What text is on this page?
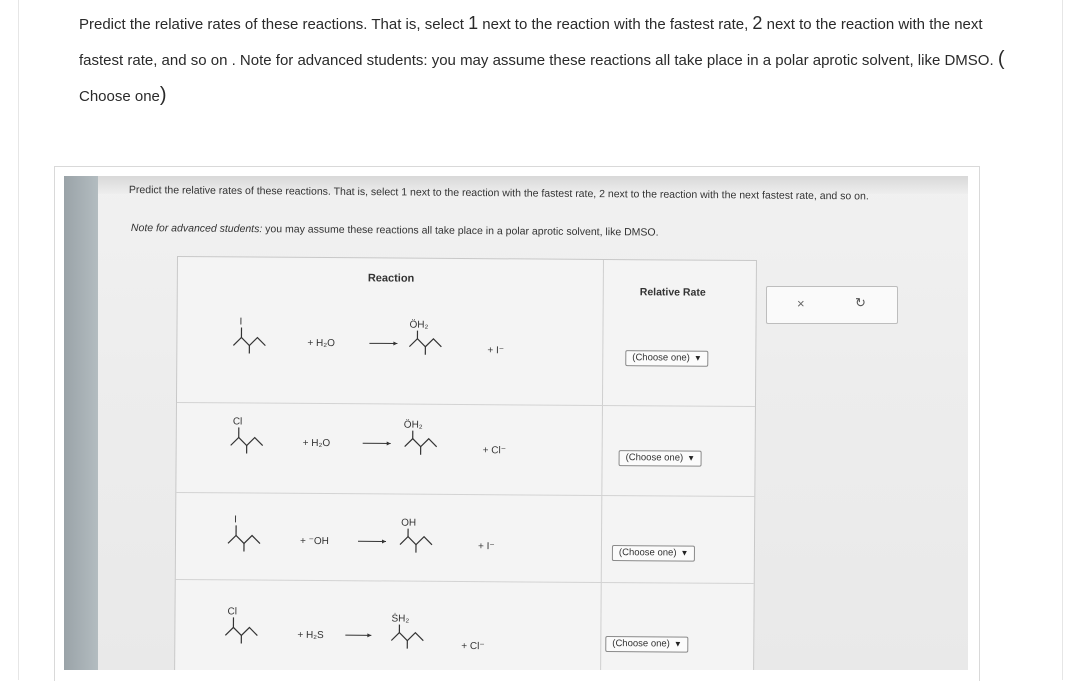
Predict the relative rates of these reactions. That is, select 1 next to the reaction with the fastest rate, 2 next to the reaction with the next fastest rate, and so on . Note for advanced students: you may assume these reactions all take place in a polar aprotic solvent, like DMSO. (
Choose one)
Predict the relative rates of these reactions. That is, select 1 next to the reaction with the fastest rate, 2 next to the reaction with the next fastest rate, and so on.
Note for advanced students: you may assume these reactions all take place in a polar aprotic solvent, like DMSO.
Reaction
Relative Rate
I
+ H₂O
ÖH₂
+ I⁻
Cl
+ H₂O
ÖH₂
+ Cl⁻
I
+ ⁻OH
OH
+ I⁻
Cl
+ H₂S
ṠH₂
+ Cl⁻
(Choose one) ▼
(Choose one) ▼
(Choose one) ▼
(Choose one) ▼
×	↻
